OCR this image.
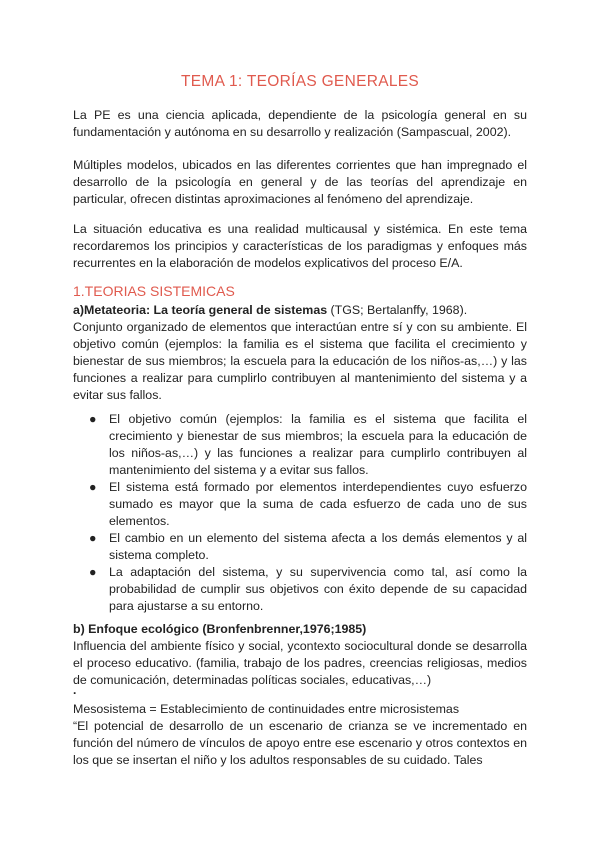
TEMA 1: TEORÍAS GENERALES
La PE es una ciencia aplicada, dependiente de la psicología general en su fundamentación y autónoma en su desarrollo y realización (Sampascual, 2002).
Múltiples modelos, ubicados en las diferentes corrientes que han impregnado el desarrollo de la psicología en general y de las teorías del aprendizaje en particular, ofrecen distintas aproximaciones al fenómeno del aprendizaje.
La situación educativa es una realidad multicausal y sistémica. En este tema recordaremos los principios y características de los paradigmas y enfoques más recurrentes en la elaboración de modelos explicativos del proceso E/A.
1.TEORIAS SISTEMICAS
a)Metateoria: La teoría general de sistemas (TGS; Bertalanffy, 1968).
Conjunto organizado de elementos que interactúan entre sí y con su ambiente. El objetivo común (ejemplos: la familia es el sistema que facilita el crecimiento y bienestar de sus miembros; la escuela para la educación de los niños-as,…) y las funciones a realizar para cumplirlo contribuyen al mantenimiento del sistema y a evitar sus fallos.
● El objetivo común (ejemplos: la familia es el sistema que facilita el crecimiento y bienestar de sus miembros; la escuela para la educación de los niños-as,…) y las funciones a realizar para cumplirlo contribuyen al mantenimiento del sistema y a evitar sus fallos.
● El sistema está formado por elementos interdependientes cuyo esfuerzo sumado es mayor que la suma de cada esfuerzo de cada uno de sus elementos.
● El cambio en un elemento del sistema afecta a los demás elementos y al sistema completo.
● La adaptación del sistema, y su supervivencia como tal, así como la probabilidad de cumplir sus objetivos con éxito depende de su capacidad para ajustarse a su entorno.
b) Enfoque ecológico (Bronfenbrenner,1976;1985)
Influencia del ambiente físico y social, ycontexto sociocultural donde se desarrolla el proceso educativo. (familia, trabajo de los padres, creencias religiosas, medios de comunicación, determinadas políticas sociales, educativas,…)
.
Mesosistema = Establecimiento de continuidades entre microsistemas
“El potencial de desarrollo de un escenario de crianza se ve incrementado en función del número de vínculos de apoyo entre ese escenario y otros contextos en los que se insertan el niño y los adultos responsables de su cuidado. Tales
